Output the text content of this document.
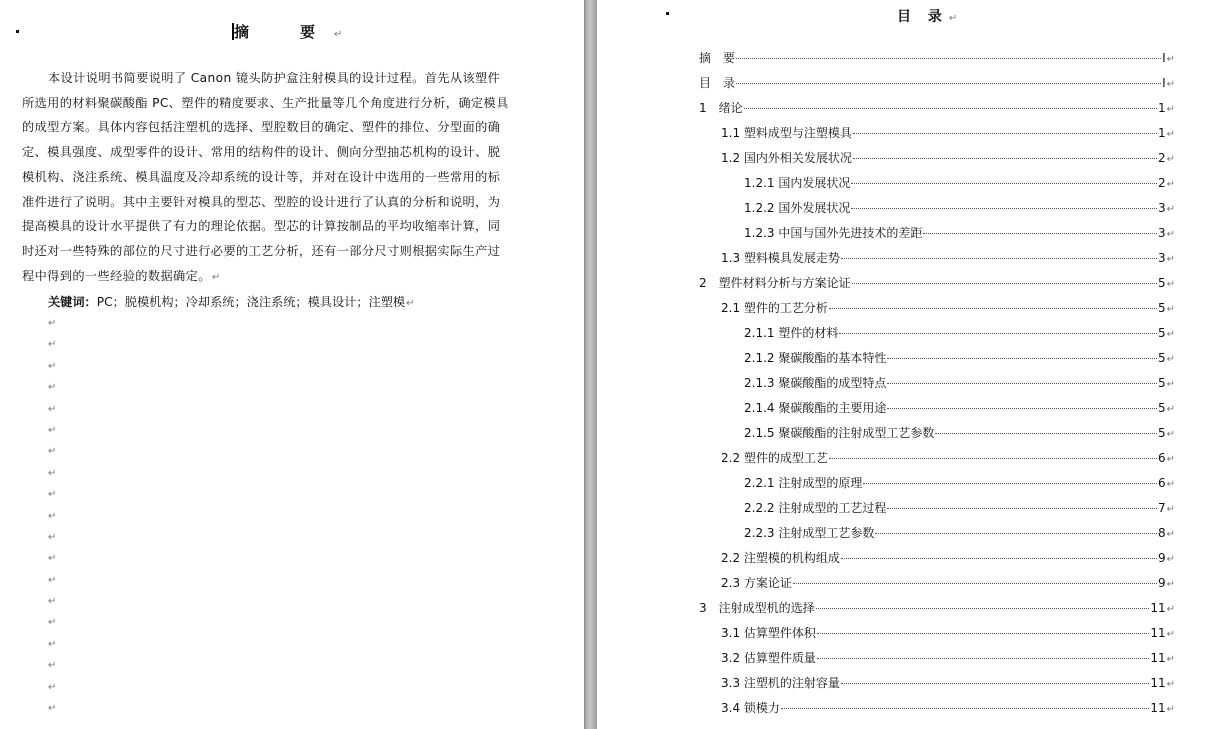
摘　要↵
本设计说明书简要说明了 Canon 镜头防护盒注射模具的设计过程。首先从该塑件所选用的材料聚碳酸酯 PC、塑件的精度要求、生产批量等几个角度进行分析，确定模具的成型方案。具体内容包括注塑机的选择、型腔数目的确定、塑件的排位、分型面的确定、模具强度、成型零件的设计、常用的结构件的设计、侧向分型抽芯机构的设计、脱模机构、浇注系统、模具温度及冷却系统的设计等，并对在设计中选用的一些常用的标准件进行了说明。其中主要针对模具的型芯、型腔的设计进行了认真的分析和说明，为提高模具的设计水平提供了有力的理论依据。型芯的计算按制品的平均收缩率计算，同时还对一些特殊的部位的尺寸进行必要的工艺分析，还有一部分尺寸则根据实际生产过程中得到的一些经验的数据确定。↵
关键词：PC；脱模机构；冷却系统；浇注系统；模具设计；注塑模↵
↵
↵
↵
↵
↵
↵
↵
↵
↵
↵
↵
↵
↵
↵
↵
↵
↵
↵
↵
目 录↵
摘　要	I ↵
目　录	I ↵
1　绪论	1 ↵
1.1 塑料成型与注塑模具	1 ↵
1.2 国内外相关发展状况	2 ↵
1.2.1 国内发展状况	2 ↵
1.2.2 国外发展状况	3 ↵
1.2.3 中国与国外先进技术的差距	3 ↵
1.3 塑料模具发展走势	3 ↵
2　塑件材料分析与方案论证	5 ↵
2.1 塑件的工艺分析	5 ↵
2.1.1 塑件的材料	5 ↵
2.1.2 聚碳酸酯的基本特性	5 ↵
2.1.3 聚碳酸酯的成型特点	5 ↵
2.1.4 聚碳酸酯的主要用途	5 ↵
2.1.5 聚碳酸酯的注射成型工艺参数	5 ↵
2.2 塑件的成型工艺	6 ↵
2.2.1 注射成型的原理	6 ↵
2.2.2 注射成型的工艺过程	7 ↵
2.2.3 注射成型工艺参数	8 ↵
2.2 注塑模的机构组成	9 ↵
2.3 方案论证	9 ↵
3　注射成型机的选择	11 ↵
3.1 估算塑件体积	11 ↵
3.2 估算塑件质量	11 ↵
3.3 注塑机的注射容量	11 ↵
3.4 锁模力	11 ↵
